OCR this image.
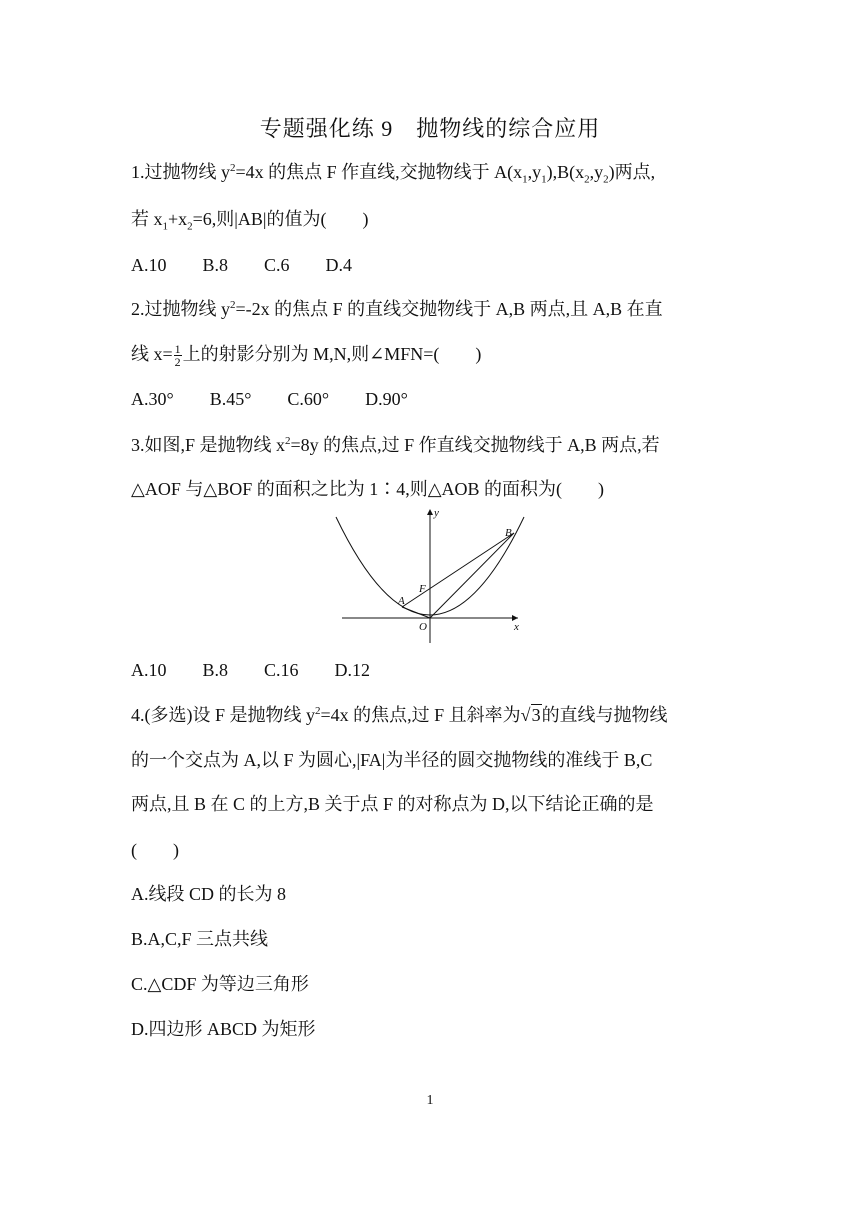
专题强化练 9　抛物线的综合应用
1.过抛物线 $y^2=4x$ 的焦点 F 作直线,交抛物线于 $A(x_1,y_1),B(x_2,y_2)$两点,
若 $x_1+x_2=6$,则|AB|的值为(　　)
A.10　　B.8　　C.6　　D.4
2.过抛物线 $y^2=-2x$ 的焦点 F 的直线交抛物线于 A,B 两点,且 A,B 在直
线 $x= \frac{1}{2}$ 上的射影分别为 M,N,则∠MFN=(　　)
A.30°　　B.45°　　C.60°　　D.90°
3.如图,F 是抛物线 $x^2=8y$ 的焦点,过 F 作直线交抛物线于 A,B 两点,若
△AOF 与△BOF 的面积之比为 1∶4,则△AOB 的面积为(　　)
y
x
O
A
B
F
A.10　　B.8　　C.16　　D.12
4.(多选)设 F 是抛物线 $y^2=4x$ 的焦点,过 F 且斜率为√3的直线与抛物线
的一个交点为 A,以 F 为圆心,|FA|为半径的圆交抛物线的准线于 B,C
两点,且 B 在 C 的上方,B 关于点 F 的对称点为 D,以下结论正确的是
(　　)
A.线段 CD 的长为 8
B.A,C,F 三点共线
C.△CDF 为等边三角形
D.四边形 ABCD 为矩形
1
